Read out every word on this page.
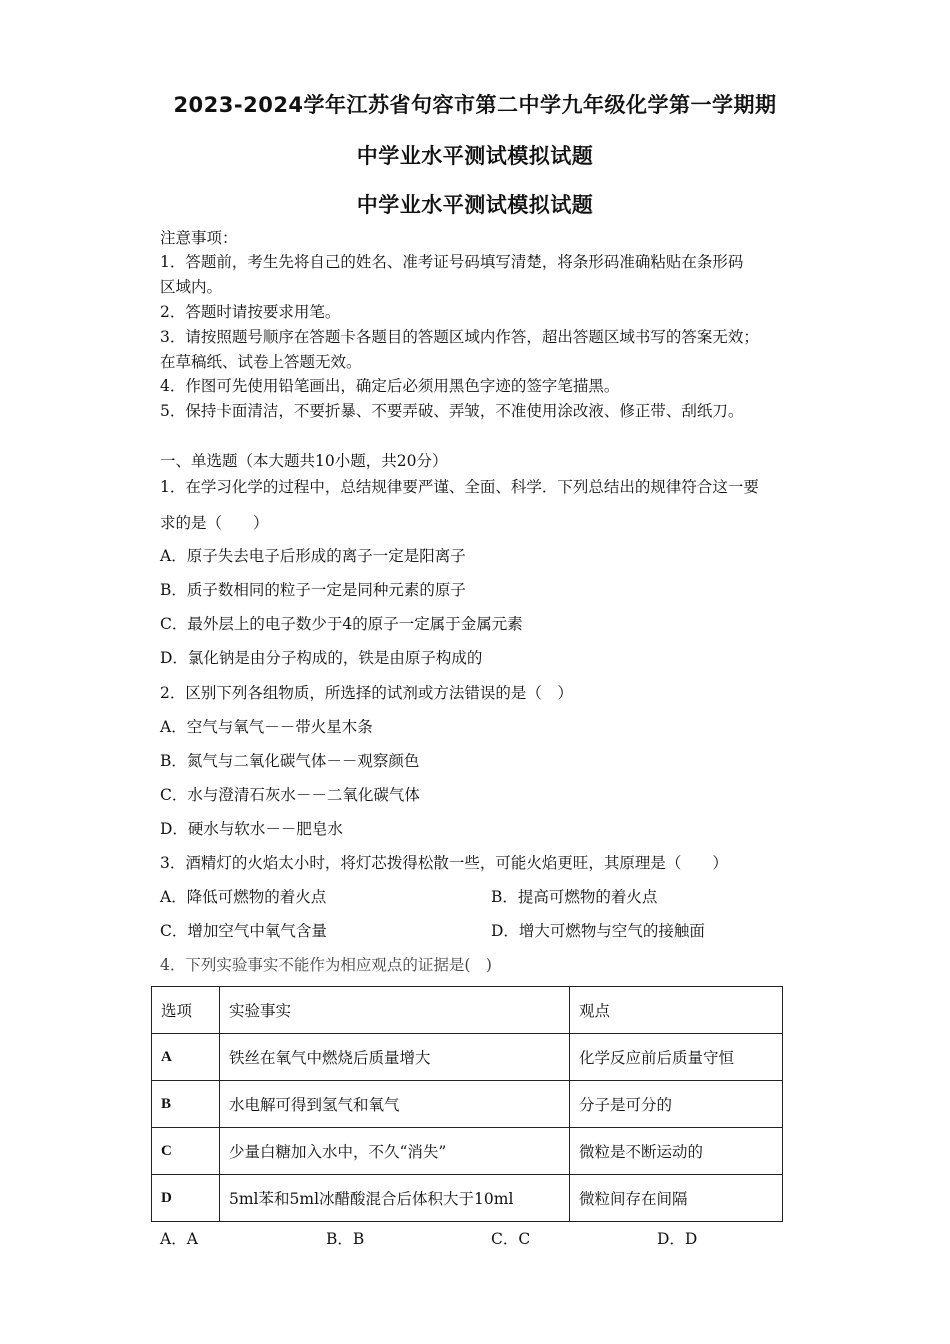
2023-2024学年江苏省句容市第二中学九年级化学第一学期期
中学业水平测试模拟试题
中学业水平测试模拟试题
注意事项：
1．答题前，考生先将自己的姓名、准考证号码填写清楚，将条形码准确粘贴在条形码
区域内。
2．答题时请按要求用笔。
3．请按照题号顺序在答题卡各题目的答题区域内作答，超出答题区域书写的答案无效；
在草稿纸、试卷上答题无效。
4．作图可先使用铅笔画出，确定后必须用黑色字迹的签字笔描黑。
5．保持卡面清洁，不要折暴、不要弄破、弄皱，不准使用涂改液、修正带、刮纸刀。
一、单选题（本大题共10小题，共20分）
1．在学习化学的过程中，总结规律要严谨、全面、科学．下列总结出的规律符合这一要
求的是（　　）
A．原子失去电子后形成的离子一定是阳离子
B．质子数相同的粒子一定是同种元素的原子
C．最外层上的电子数少于4的原子一定属于金属元素
D．氯化钠是由分子构成的，铁是由原子构成的
2．区别下列各组物质，所选择的试剂或方法错误的是（　）
A．空气与氧气－－带火星木条
B．氮气与二氧化碳气体－－观察颜色
C．水与澄清石灰水－－二氧化碳气体
D．硬水与软水－－肥皂水
3．酒精灯的火焰太小时，将灯芯拨得松散一些，可能火焰更旺，其原理是（　　）
A．降低可燃物的着火点	B．提高可燃物的着火点
C．增加空气中氧气含量	D．增大可燃物与空气的接触面
4．下列实验事实不能作为相应观点的证据是(　)
选项	实验事实	观点
A	铁丝在氧气中燃烧后质量增大	化学反应前后质量守恒
B	水电解可得到氢气和氧气	分子是可分的
C	少量白糖加入水中，不久“消失”	微粒是不断运动的
D	5ml苯和5ml冰醋酸混合后体积大于10ml	微粒间存在间隔
A．A	B．B	C．C	D．D
